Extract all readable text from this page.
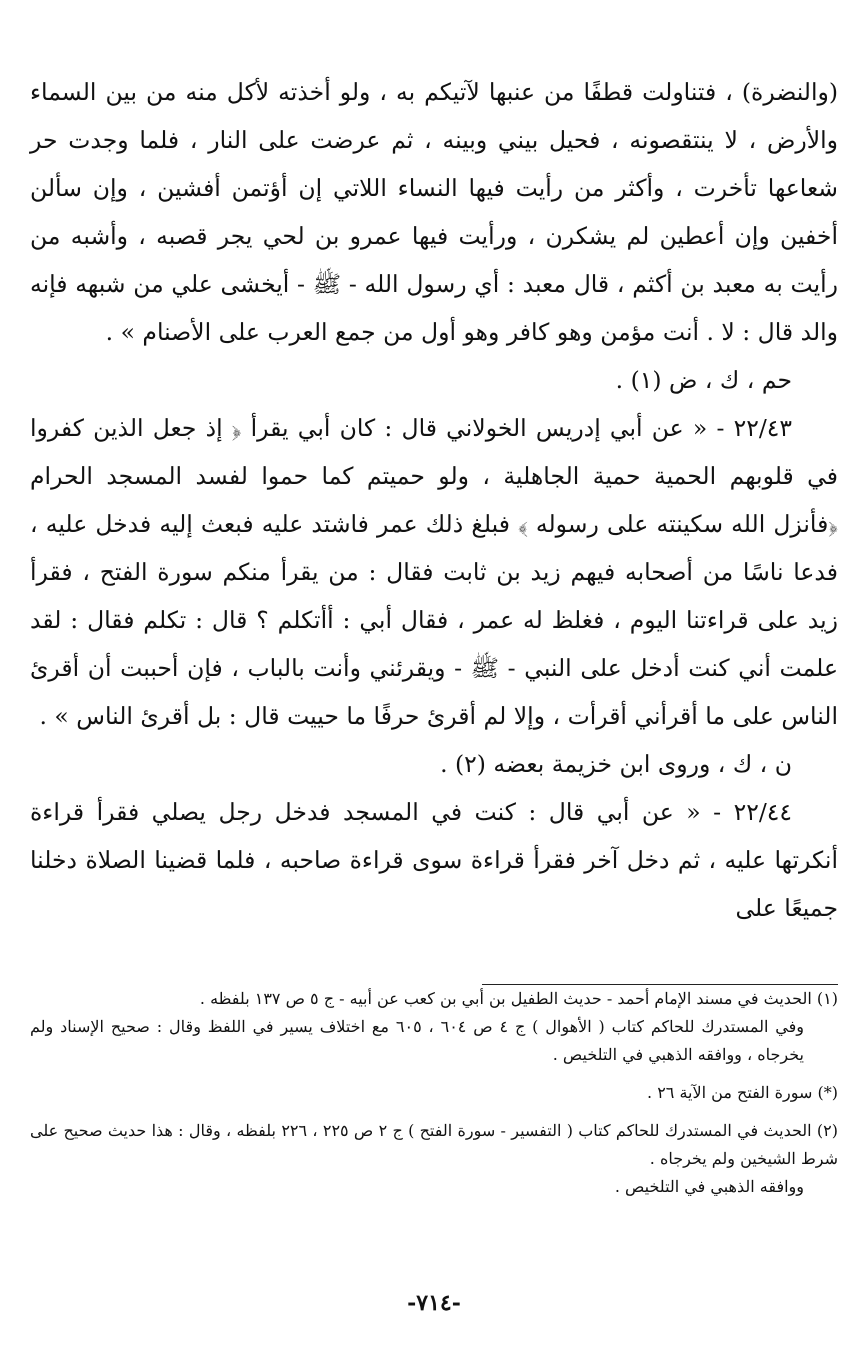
(والنضرة) ، فتناولت قطفًا من عنبها لآتيكم به ، ولو أخذته لأكل منه من بين السماء والأرض ، لا ينتقصونه ، فحيل بيني وبينه ، ثم عرضت على النار ، فلما وجدت حر شعاعها تأخرت ، وأكثر من رأيت فيها النساء اللاتي إن أؤتمن أفشين ، وإن سألن أخفين وإن أعطين لم يشكرن ، ورأيت فيها عمرو بن لحي يجر قصبه ، وأشبه من رأيت به معبد بن أكثم ، قال معبد : أي رسول الله - ﷺ - أيخشى علي من شبهه فإنه والد قال : لا . أنت مؤمن وهو كافر وهو أول من جمع العرب على الأصنام » .

حم ، ك ، ض (١) .

٢٢/٤٣ - « عن أبي إدريس الخولاني قال : كان أبي يقرأ ﴿ إذ جعل الذين كفروا في قلوبهم الحمية حمية الجاهلية ، ولو حميتم كما حموا لفسد المسجد الحرام ﴿فأنزل الله سكينته على رسوله ﴾ فبلغ ذلك عمر فاشتد عليه فبعث إليه فدخل عليه ، فدعا ناسًا من أصحابه فيهم زيد بن ثابت فقال : من يقرأ منكم سورة الفتح ، فقرأ زيد على قراءتنا اليوم ، فغلظ له عمر ، فقال أبي : أأتكلم ؟ قال : تكلم فقال : لقد علمت أني كنت أدخل على النبي - ﷺ - ويقرئني وأنت بالباب ، فإن أحببت أن أقرئ الناس على ما أقرأني أقرأت ، وإلا لم أقرئ حرفًا ما حييت قال : بل أقرئ الناس » .

ن ، ك ، وروى ابن خزيمة بعضه (٢) .

٢٢/٤٤ - « عن أبي قال : كنت في المسجد فدخل رجل يصلي فقرأ قراءة أنكرتها عليه ، ثم دخل آخر فقرأ قراءة سوى قراءة صاحبه ، فلما قضينا الصلاة دخلنا جميعًا على

(١) الحديث في مسند الإمام أحمد - حديث الطفيل بن أبي بن كعب عن أبيه - ج ٥ ص ١٣٧ بلفظه .

وفي المستدرك للحاكم كتاب ( الأهوال ) ج ٤ ص ٦٠٤ ، ٦٠٥ مع اختلاف يسير في اللفظ وقال : صحيح الإسناد ولم يخرجاه ، ووافقه الذهبي في التلخيص .

(*) سورة الفتح من الآية ٢٦ .

(٢) الحديث في المستدرك للحاكم كتاب ( التفسير - سورة الفتح ) ج ٢ ص ٢٢٥ ، ٢٢٦ بلفظه ، وقال : هذا حديث صحيح على شرط الشيخين ولم يخرجاه .

ووافقه الذهبي في التلخيص .

-٧١٤-
